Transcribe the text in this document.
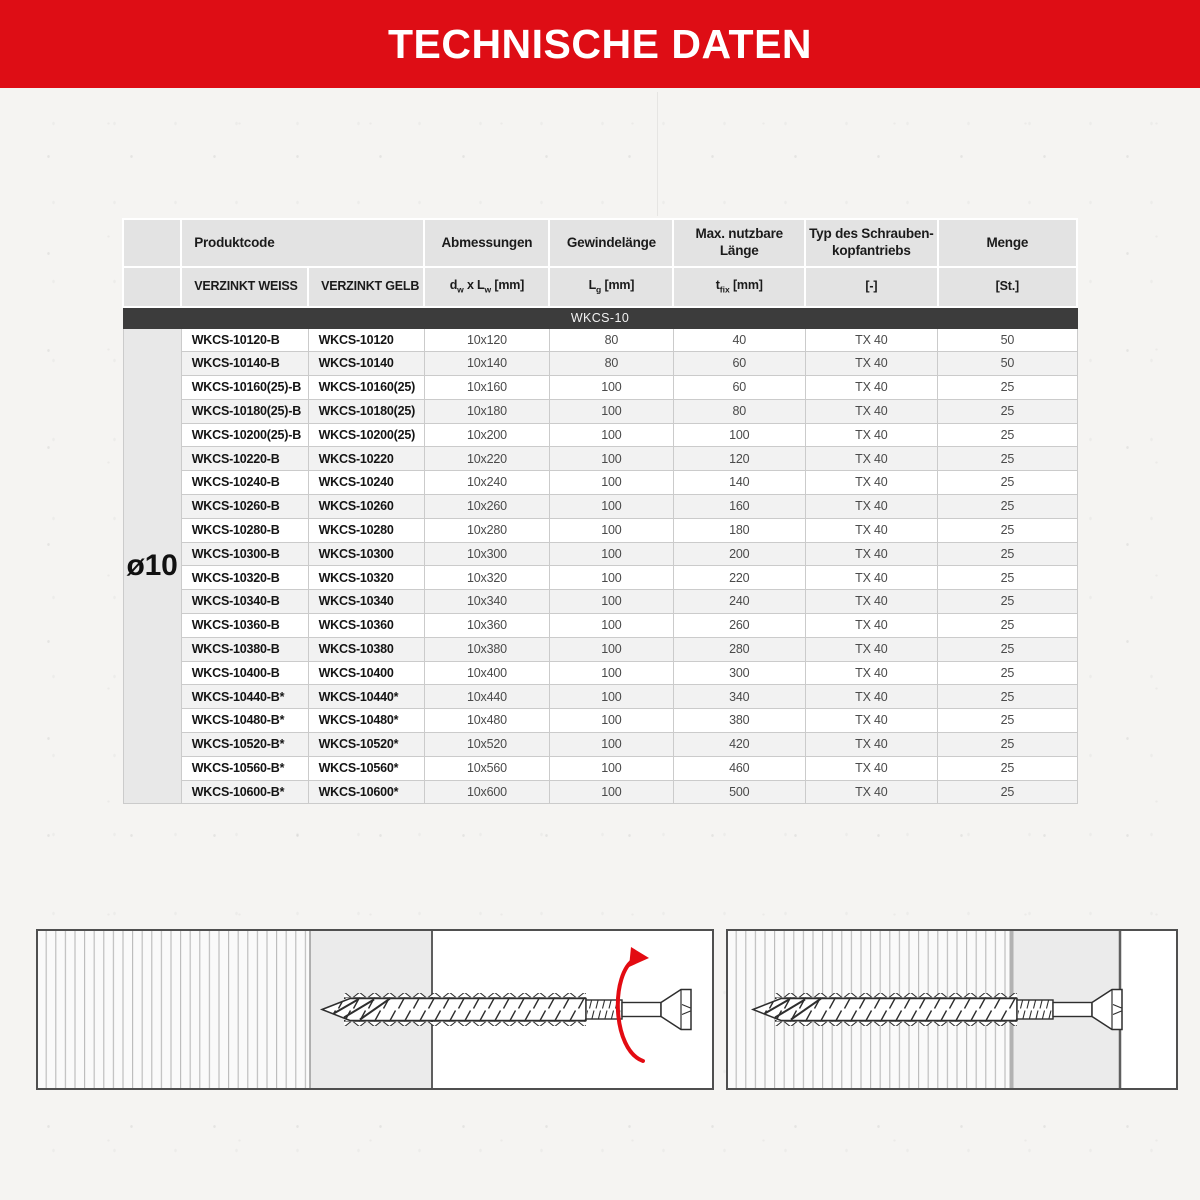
TECHNISCHE DATEN
	Produktcode		Abmessungen	Gewindelänge	Max. nutzbare Länge	Typ des Schrauben-
kopfantriebs	Menge
	VERZINKT WEISS	VERZINKT GELB	$d_w$ x $L_w$ [mm]	$L_g$ [mm]	$t_{fix}$ [mm]	[-]	[St.]
WKCS-10							
ø10	WKCS-10120-B	WKCS-10120	10x120	80	40	TX 40	50
	WKCS-10140-B	WKCS-10140	10x140	80	60	TX 40	50
	WKCS-10160(25)-B	WKCS-10160(25)	10x160	100	60	TX 40	25
	WKCS-10180(25)-B	WKCS-10180(25)	10x180	100	80	TX 40	25
	WKCS-10200(25)-B	WKCS-10200(25)	10x200	100	100	TX 40	25
	WKCS-10220-B	WKCS-10220	10x220	100	120	TX 40	25
	WKCS-10240-B	WKCS-10240	10x240	100	140	TX 40	25
	WKCS-10260-B	WKCS-10260	10x260	100	160	TX 40	25
	WKCS-10280-B	WKCS-10280	10x280	100	180	TX 40	25
	WKCS-10300-B	WKCS-10300	10x300	100	200	TX 40	25
	WKCS-10320-B	WKCS-10320	10x320	100	220	TX 40	25
	WKCS-10340-B	WKCS-10340	10x340	100	240	TX 40	25
	WKCS-10360-B	WKCS-10360	10x360	100	260	TX 40	25
	WKCS-10380-B	WKCS-10380	10x380	100	280	TX 40	25
	WKCS-10400-B	WKCS-10400	10x400	100	300	TX 40	25
	WKCS-10440-B*	WKCS-10440*	10x440	100	340	TX 40	25
	WKCS-10480-B*	WKCS-10480*	10x480	100	380	TX 40	25
	WKCS-10520-B*	WKCS-10520*	10x520	100	420	TX 40	25
	WKCS-10560-B*	WKCS-10560*	10x560	100	460	TX 40	25
	WKCS-10600-B*	WKCS-10600*	10x600	100	500	TX 40	25
